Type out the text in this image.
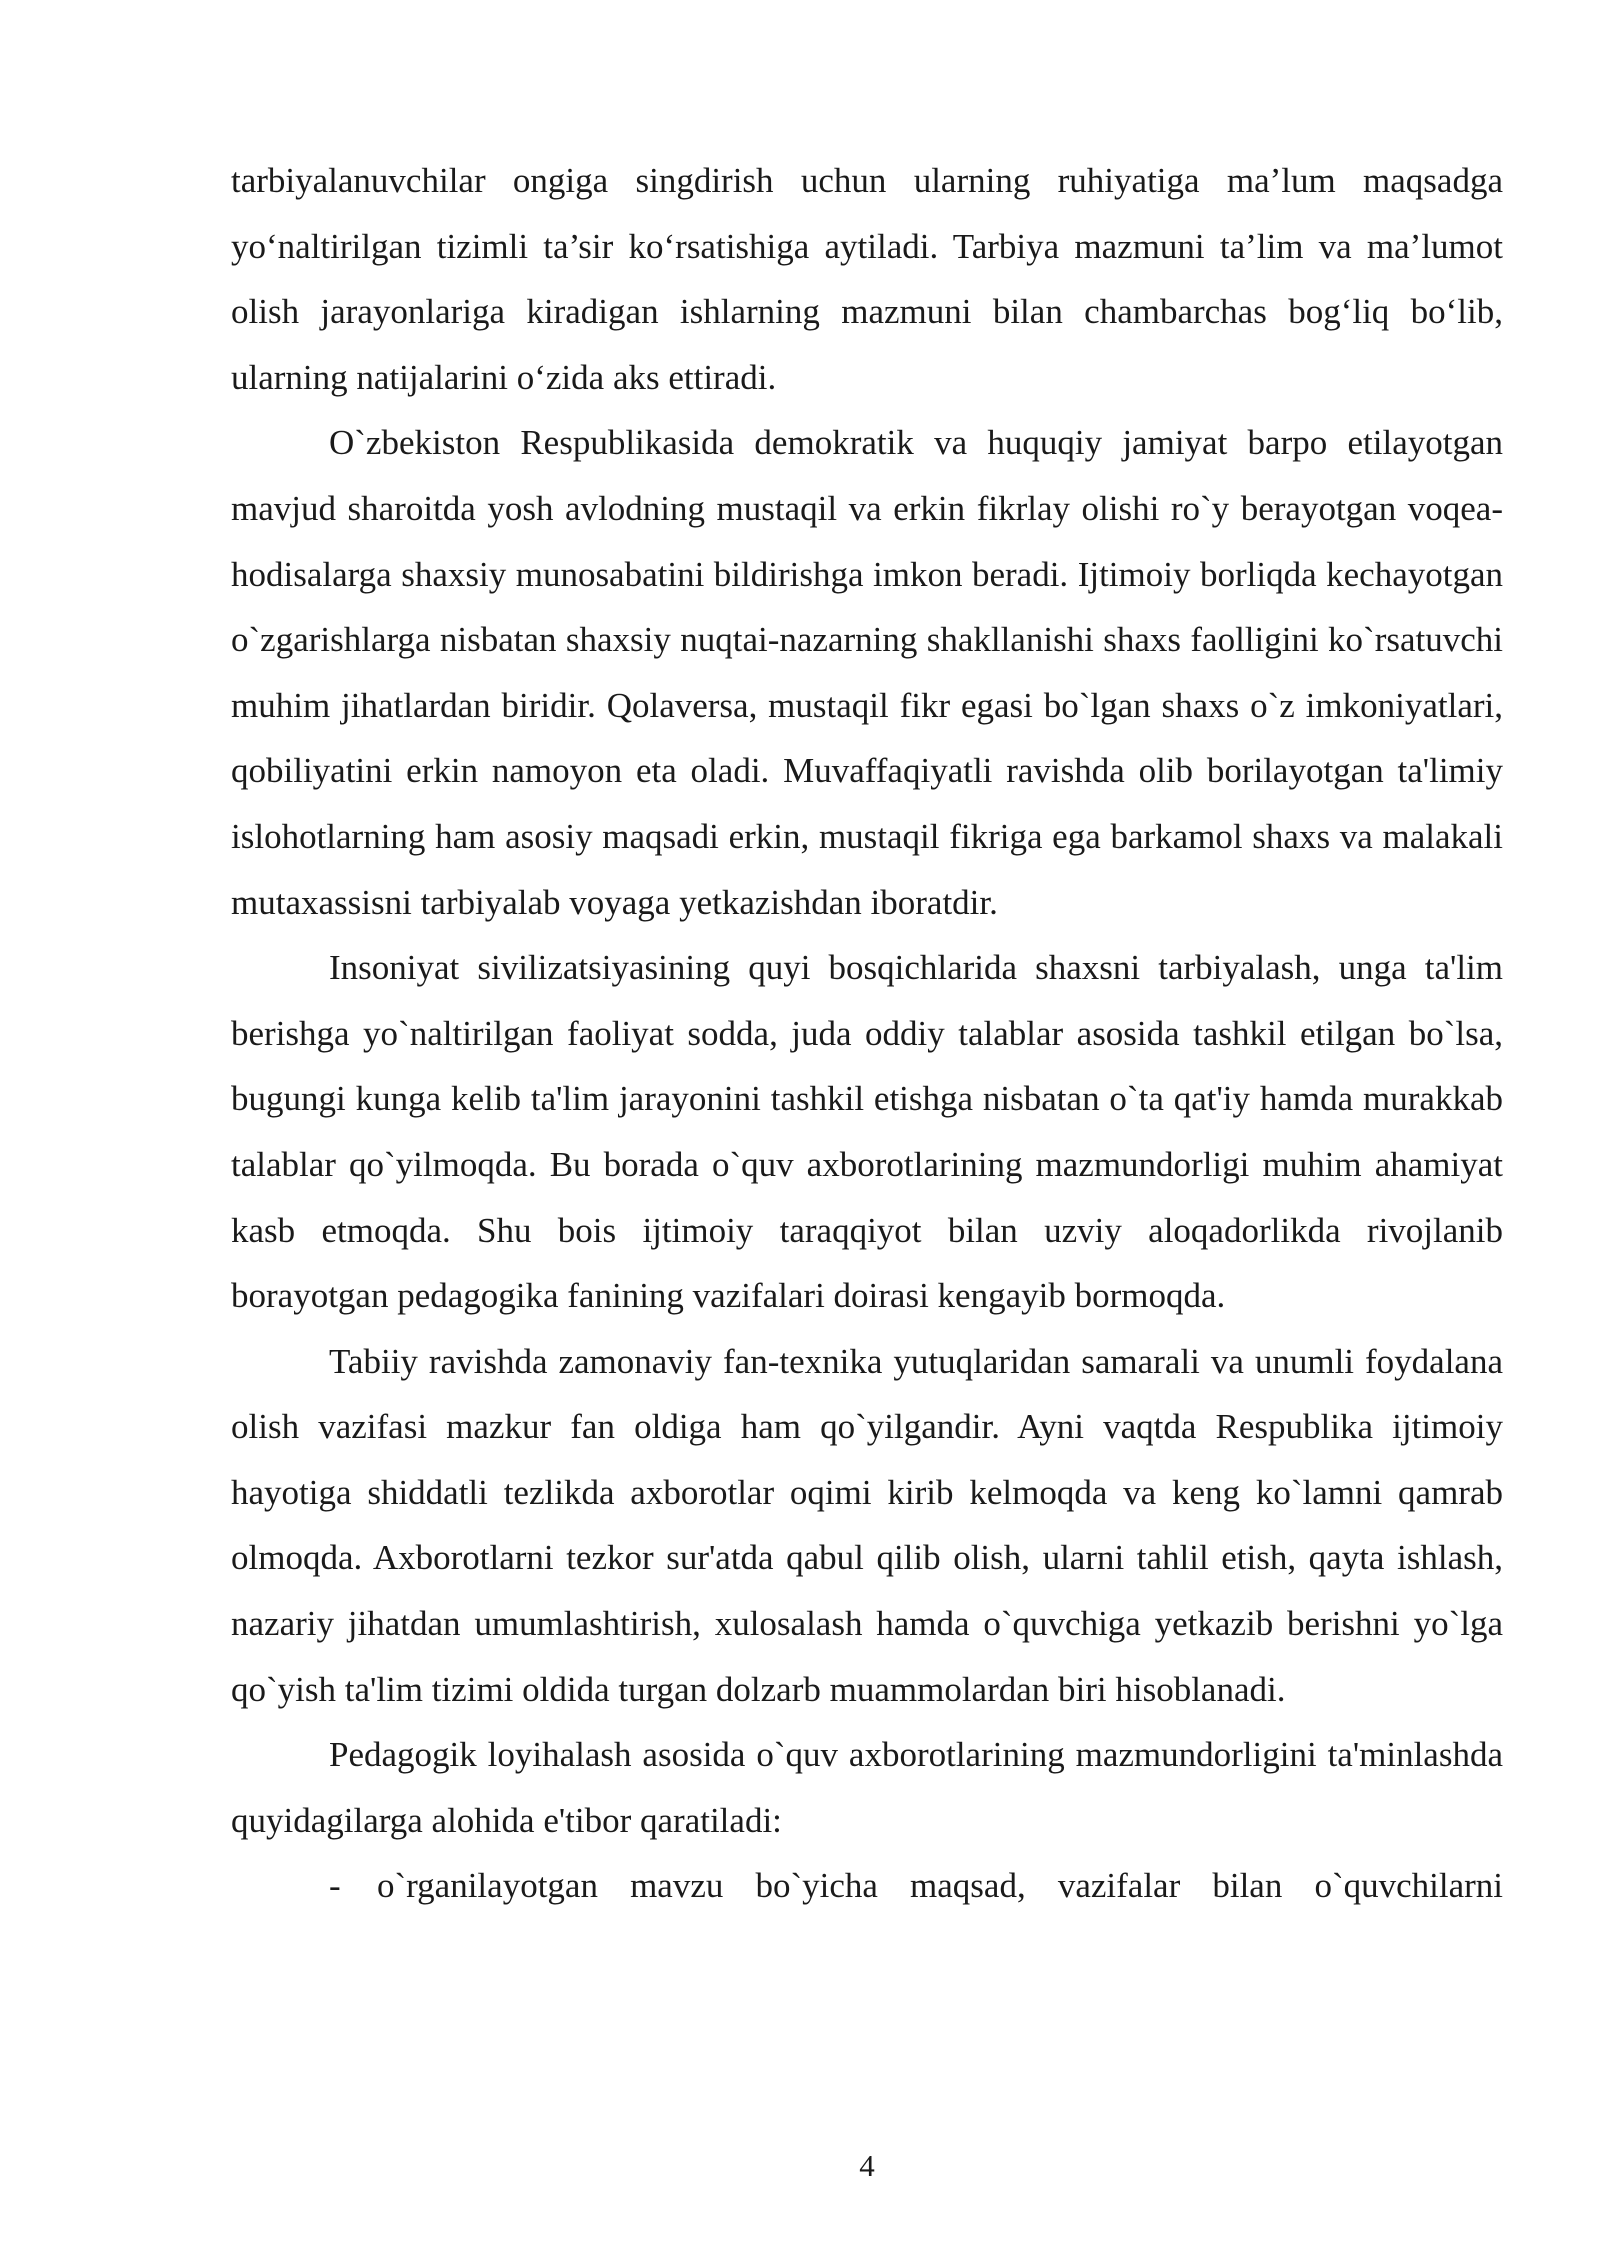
tarbiyalanuvchilar ongiga singdirish uchun ularning ruhiyatiga ma’lum maqsadga yo‘naltirilgan tizimli ta’sir ko‘rsatishiga aytiladi. Tarbiya mazmuni ta’lim va ma’lumot olish jarayonlariga kiradigan ishlarning mazmuni bilan chambarchas bog‘liq bo‘lib, ularning natijalarini o‘zida aks ettiradi.

O`zbekiston Respublikasida demokratik va huquqiy jamiyat barpo etilayotgan mavjud sharoitda yosh avlodning mustaqil va erkin fikrlay olishi ro`y berayotgan voqea-hodisalarga shaxsiy munosabatini bildirishga imkon beradi. Ijtimoiy borliqda kechayotgan o`zgarishlarga nisbatan shaxsiy nuqtai-nazarning shakllanishi shaxs faolligini ko`rsatuvchi muhim jihatlardan biridir. Qolaversa, mustaqil fikr egasi bo`lgan shaxs o`z imkoniyatlari, qobiliyatini erkin namoyon eta oladi. Muvaffaqiyatli ravishda olib borilayotgan ta'limiy islohotlarning ham asosiy maqsadi erkin, mustaqil fikriga ega barkamol shaxs va malakali mutaxassisni tarbiyalab voyaga yetkazishdan iboratdir.

Insoniyat sivilizatsiyasining quyi bosqichlarida shaxsni tarbiyalash, unga ta'lim berishga yo`naltirilgan faoliyat sodda, juda oddiy talablar asosida tashkil etilgan bo`lsa, bugungi kunga kelib ta'lim jarayonini tashkil etishga nisbatan o`ta qat'iy hamda murakkab talablar qo`yilmoqda. Bu borada o`quv axborotlarining mazmundorligi muhim ahamiyat kasb etmoqda. Shu bois ijtimoiy taraqqiyot bilan uzviy aloqadorlikda rivojlanib borayotgan pedagogika fanining vazifalari doirasi kengayib bormoqda.

Tabiiy ravishda zamonaviy fan-texnika yutuqlaridan samarali va unumli foydalana olish vazifasi mazkur fan oldiga ham qo`yilgandir. Ayni vaqtda Respublika ijtimoiy hayotiga shiddatli tezlikda axborotlar oqimi kirib kelmoqda va keng ko`lamni qamrab olmoqda. Axborotlarni tezkor sur'atda qabul qilib olish, ularni tahlil etish, qayta ishlash, nazariy jihatdan umumlashtirish, xulosalash hamda o`quvchiga yetkazib berishni yo`lga qo`yish ta'lim tizimi oldida turgan dolzarb muammolardan biri hisoblanadi.

Pedagogik loyihalash asosida o`quv axborotlarining mazmundorligini ta'minlashda quyidagilarga alohida e'tibor qaratiladi:

- o`rganilayotgan mavzu bo`yicha maqsad, vazifalar bilan o`quvchilarni

4
